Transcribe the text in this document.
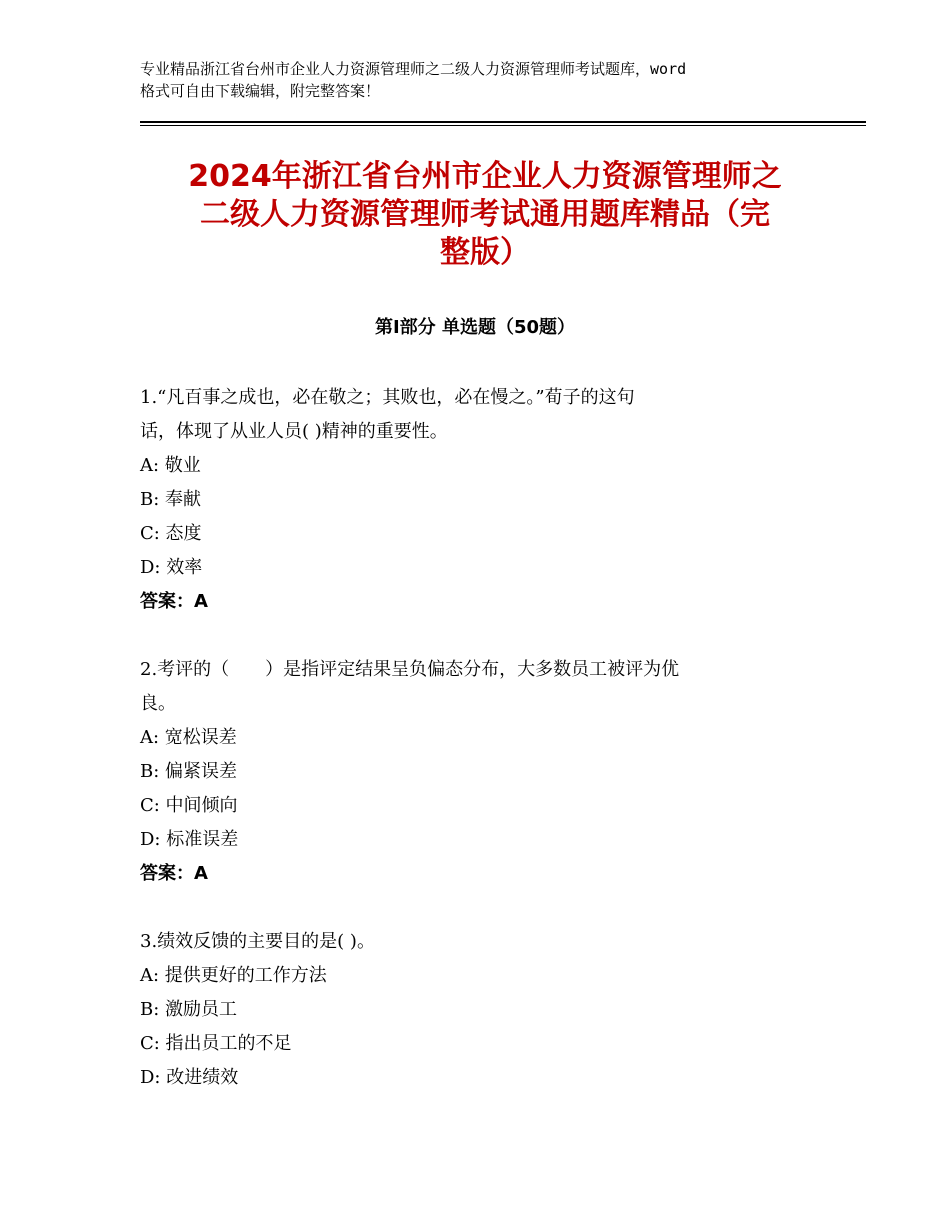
专业精品浙江省台州市企业人力资源管理师之二级人力资源管理师考试题库，word
格式可自由下载编辑，附完整答案！
2024年浙江省台州市企业人力资源管理师之
二级人力资源管理师考试通用题库精品（完
整版）
第Ⅰ部分 单选题（50题）
1.“凡百事之成也，必在敬之；其败也，必在慢之。”荀子的这句
话，体现了从业人员( )精神的重要性。
A: 敬业
B: 奉献
C: 态度
D: 效率
答案：A
2.考评的（　　）是指评定结果呈负偏态分布，大多数员工被评为优
良。
A: 宽松误差
B: 偏紧误差
C: 中间倾向
D: 标准误差
答案：A
3.绩效反馈的主要目的是( )。
A: 提供更好的工作方法
B: 激励员工
C: 指出员工的不足
D: 改进绩效
